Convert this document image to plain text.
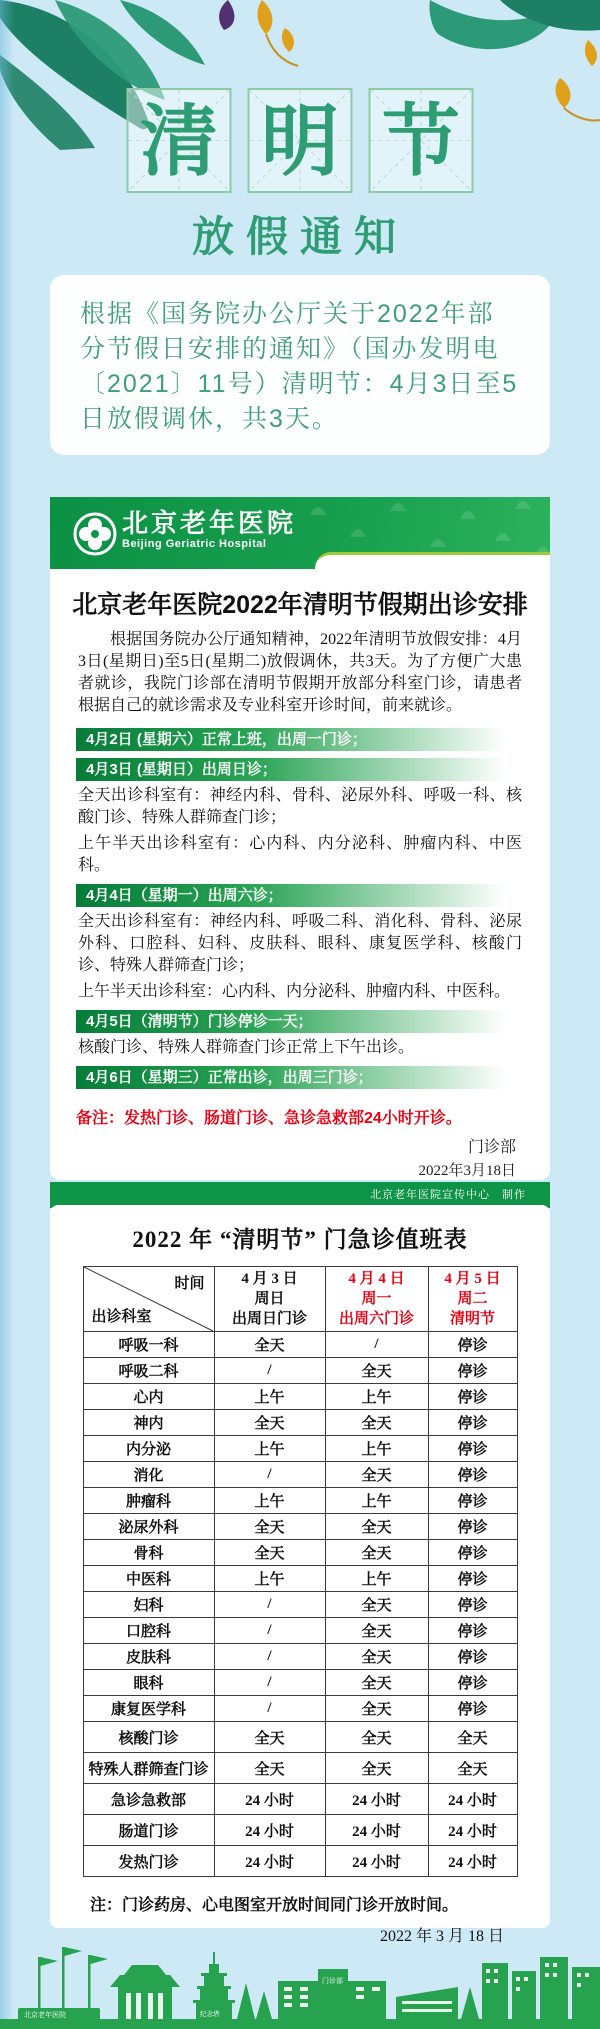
清 明 节
放假通知

根据《国务院办公厅关于2022年部分节假日安排的通知》（国办发明电〔2021〕11号）清明节：4月3日至5日放假调休，共3天。

北京老年医院
Beijing Geriatric Hospital
北京老年医院2022年清明节假期出诊安排

根据国务院办公厅通知精神，2022年清明节放假安排：4月3日(星期日)至5日(星期二)放假调休，共3天。为了方便广大患者就诊，我院门诊部在清明节假期开放部分科室门诊，请患者根据自己的就诊需求及专业科室开诊时间，前来就诊。

4月2日 (星期六）正常上班，出周一门诊；
4月3日 (星期日）出周日诊；

全天出诊科室有：神经内科、骨科、泌尿外科、呼吸一科、核酸门诊、特殊人群筛查门诊；

上午半天出诊科室有：心内科、内分泌科、肿瘤内科、中医科。

4月4日（星期一）出周六诊；

全天出诊科室有：神经内科、呼吸二科、消化科、骨科、泌尿外科、口腔科、妇科、皮肤科、眼科、康复医学科、核酸门诊、特殊人群筛查门诊；

上午半天出诊科室：心内科、内分泌科、肿瘤内科、中医科。

4月5日（清明节）门诊停诊一天；

核酸门诊、特殊人群筛查门诊正常上下午出诊。

4月6日（星期三）正常出诊，出周三门诊；

备注：发热门诊、肠道门诊、急诊急救部24小时开诊。

门诊部
2022年3月18日
北京老年医院宣传中心　制作
2022 年 “清明节” 门急诊值班表
时间
出诊科室

4 月 3 日
周日
出周日门诊

4 月 4 日
周一
出周六门诊

4 月 5 日
周二
清明节

呼吸一科	全天	/	停诊
呼吸二科	/	全天	停诊
心内	上午	上午	停诊
神内	全天	全天	停诊
内分泌	上午	上午	停诊
消化	/	全天	停诊
肿瘤科	上午	上午	停诊
泌尿外科	全天	全天	停诊
骨科	全天	全天	停诊
中医科	上午	上午	停诊
妇科	/	全天	停诊
口腔科	/	全天	停诊
皮肤科	/	全天	停诊
眼科	/	全天	停诊
康复医学科	/	全天	停诊
核酸门诊	全天	全天	全天
特殊人群筛查门诊	全天	全天	全天
急诊急救部	24 小时	24 小时	24 小时
肠道门诊	24 小时	24 小时	24 小时
发热门诊	24 小时	24 小时	24 小时

注：门诊药房、心电图室开放时间同门诊开放时间。

2022 年 3 月 18 日

北京老年医院	纪念塔
门诊部
